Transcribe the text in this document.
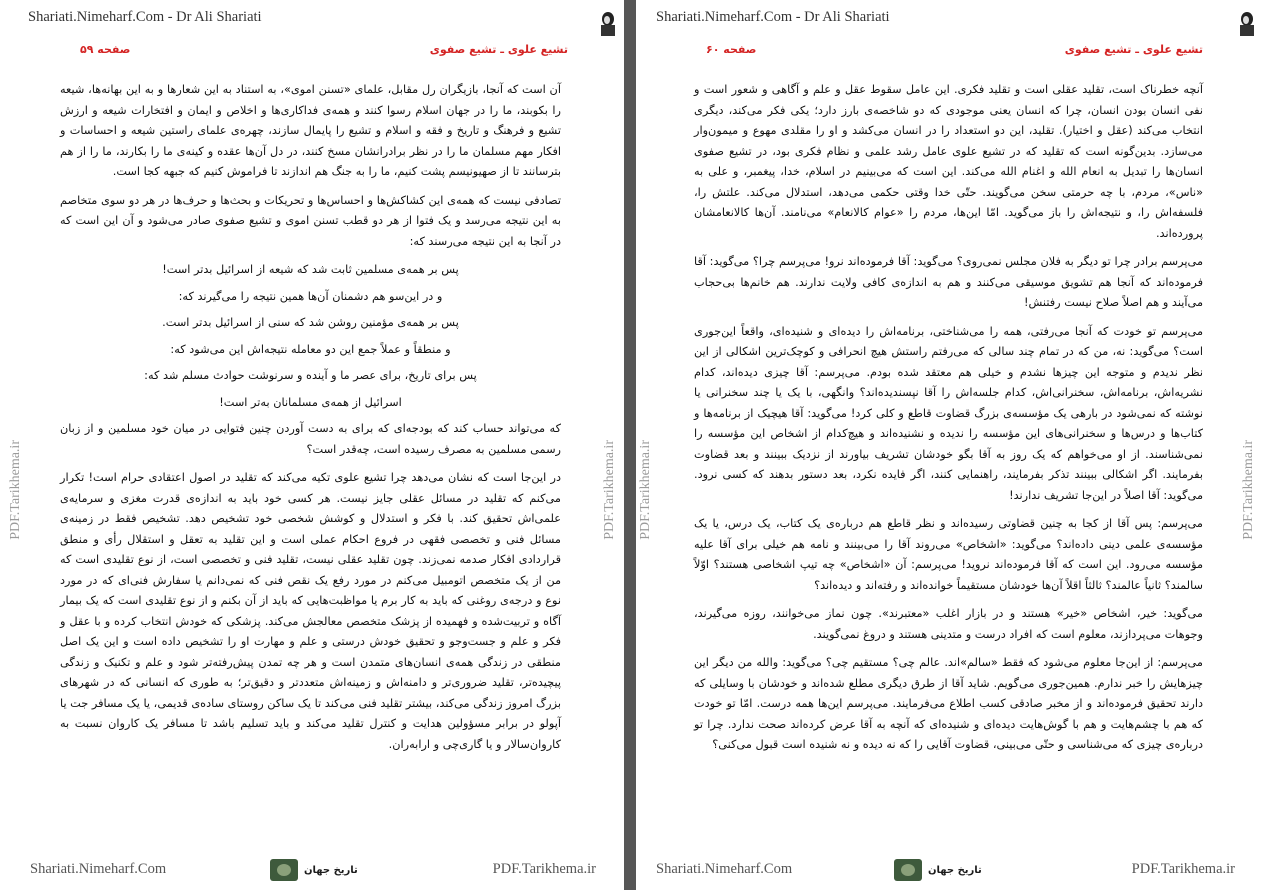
Shariati.Nimeharf.Com - Dr Ali Shariati
صفحه ۵۹	تشیع علوی ـ تشیع صفوی

آن است که آنجا، بازیگران رل مقابل، علمای «تسنن اموی»، به استناد به این شعارها و به این بهانه‌ها، شیعه را بکوبند، ما را در جهان اسلام رسوا کنند و همه‌ی فداکاری‌ها و اخلاص و ایمان و افتخارات شیعه و ارزش تشیع و فرهنگ و تاریخ و فقه و اسلام و تشیع را پایمال سازند، چهره‌ی علمای راستین شیعه و احساسات و افکار مهم مسلمان ما را در نظر برادرانشان مسخ کنند، در دل آن‌ها عقده و کینه‌ی ما را بکارند، ما را از هم بترسانند تا از صهیونیسم پشت کنیم، ما را به جنگ هم اندازند تا فراموش کنیم که جبهه کجا است.

تصادفی نیست که همه‌ی این کشاکش‌ها و احساس‌ها و تحریکات و بحث‌ها و حرف‌ها در هر دو سوی متخاصم به این نتیجه می‌رسد و یک فتوا از هر دو قطب تسنن اموی و تشیع صفوی صادر می‌شود و آن این است که در آنجا به این نتیجه می‌رسند که:

پس بر همه‌ی مسلمین ثابت شد که شیعه از اسرائیل بدتر است!

و در این‌سو هم دشمنان آن‌ها همین نتیجه را می‌گیرند که:

پس بر همه‌ی مؤمنین روشن شد که سنی از اسرائیل بدتر است.

و منطقاً و عملاً جمع این دو معامله نتیجه‌اش این می‌شود که:

پس برای تاریخ، برای عصر ما و آینده و سرنوشت حوادث مسلم شد که:

اسرائیل از همه‌ی مسلمانان به‌تر است!

که می‌تواند حساب کند که بودجه‌ای که برای به دست آوردن چنین فتوایی در میان خود مسلمین و از زبان رسمی مسلمین به مصرف رسیده است، چه‌قدر است؟

در این‌جا است که نشان می‌دهد چرا تشیع علوی تکیه می‌کند که تقلید در اصول اعتقادی حرام است! تکرار می‌کنم که تقلید در مسائل عقلی جایز نیست. هر کسی خود باید به اندازه‌ی قدرت مغزی و سرمایه‌ی علمی‌اش تحقیق کند. با فکر و استدلال و کوشش شخصی خود تشخیص دهد. تشخیص فقط در زمینه‌ی مسائل فنی و تخصصی فقهی در فروع احکام عملی است و این تقلید به تعقل و استقلال رأی و منطق قراردادی افکار صدمه نمی‌زند. چون تقلید عقلی نیست، تقلید فنی و تخصصی است، از نوع تقلیدی است که من از یک متخصص اتومبیل می‌کنم در مورد رفع یک نقص فنی که نمی‌دانم یا سفارش فنی‌ای که در مورد نوع و درجه‌ی روغنی که باید به کار برم یا مواظبت‌هایی که باید از آن بکنم و از نوع تقلیدی است که یک بیمار آگاه و تربیت‌شده و فهمیده از پزشک متخصص معالجش می‌کند. پزشکی که خودش انتخاب کرده و با عقل و فکر و علم و جست‌وجو و تحقیق خودش درستی و علم و مهارت او را تشخیص داده است و این یک اصل منطقی در زندگی همه‌ی انسان‌های متمدن است و هر چه تمدن پیش‌رفته‌تر شود و علم و تکنیک و زندگی پیچیده‌تر، تقلید ضروری‌تر و دامنه‌اش و زمینه‌اش متعددتر و دقیق‌تر؛ به طوری که انسانی که در شهرهای بزرگ امروز زندگی می‌کند، بیشتر تقلید فنی می‌کند تا یک ساکن روستای ساده‌ی قدیمی، یا یک مسافر جت یا آپولو در برابر مسؤولین هدایت و کنترل تقلید می‌کند و باید تسلیم باشد تا مسافر یک کاروان نسبت به کاروان‌سالار و یا گاری‌چی و ارابه‌ران.

PDF.Tarikhema.ir	PDF.Tarikhema.ir
Shariati.Nimeharf.Com	تاریخ جهان	PDF.Tarikhema.ir
Shariati.Nimeharf.Com - Dr Ali Shariati
صفحه ۶۰	تشیع علوی ـ تشیع صفوی

آنچه خطرناک است، تقلید عقلی است و تقلید فکری. این عامل سقوط عقل و علم و آگاهی و شعور است و نفی انسان بودن انسان، چرا که انسان یعنی موجودی که دو شاخصه‌ی بارز دارد؛ یکی فکر می‌کند، دیگری انتخاب می‌کند (عقل و اختیار). تقلید، این دو استعداد را در انسان می‌کشد و او را مقلدی مهوع و میمون‌وار می‌سازد. بدین‌گونه است که تقلید که در تشیع علوی عامل رشد علمی و نظام فکری بود، در تشیع صفوی انسان‌ها را تبدیل به انعام الله و اغنام الله می‌کند. این است که می‌بینیم در اسلام، خدا، پیغمبر، و علی به «ناس»، مردم، با چه حرمتی سخن می‌گویند. حتّی خدا وقتی حکمی می‌دهد، استدلال می‌کند. علتش را، فلسفه‌اش را، و نتیجه‌اش را باز می‌گوید. امّا این‌ها، مردم را «عوام کالانعام» می‌نامند. آن‌ها کالانعامشان پرورده‌اند.

می‌پرسم برادر چرا تو دیگر به فلان مجلس نمی‌روی؟ می‌گوید: آقا فرموده‌اند نرو! می‌پرسم چرا؟ می‌گوید: آقا فرموده‌اند که آنجا هم تشویق موسیقی می‌کنند و هم به اندازه‌ی کافی ولایت ندارند. هم خانم‌ها بی‌حجاب می‌آیند و هم اصلاً صلاح نیست رفتنش!

می‌پرسم تو خودت که آنجا می‌رفتی، همه را می‌شناختی، برنامه‌اش را دیده‌ای و شنیده‌ای، واقعاً این‌جوری است؟ می‌گوید: نه، من که در تمام چند سالی که می‌رفتم راستش هیچ انحرافی و کوچک‌ترین اشکالی از این نظر ندیدم و متوجه این چیزها نشدم و خیلی هم معتقد شده بودم. می‌پرسم: آقا چیزی دیده‌اند، کدام نشریه‌اش، برنامه‌اش، سخنرانی‌اش، کدام جلسه‌اش را آقا نپسندیده‌اند؟ وانگهی، با یک یا چند سخنرانی یا نوشته که نمی‌شود در بارهی یک مؤسسه‌ی بزرگ قضاوت قاطع و کلی کرد! می‌گوید: آقا هیچیک از برنامه‌ها و کتاب‌ها و درس‌ها و سخنرانی‌های این مؤسسه را ندیده و نشنیده‌اند و هیچ‌کدام از اشخاص این مؤسسه را نمی‌شناسند. از او می‌خواهم که یک روز به آقا بگو خودشان تشریف بیاورند از نزدیک ببینند و بعد قضاوت بفرمایند. اگر اشکالی ببینند تذکر بفرمایند، راهنمایی کنند، اگر فایده نکرد، بعد دستور بدهند که کسی نرود. می‌گوید: آقا اصلاً در این‌جا تشریف ندارند!

می‌پرسم: پس آقا از کجا به چنین قضاوتی رسیده‌اند و نظر قاطع هم درباره‌ی یک کتاب، یک درس، یا یک مؤسسه‌ی علمی دینی داده‌اند؟ می‌گوید: «اشخاص» می‌روند آقا را می‌بینند و نامه هم خیلی برای آقا علیه مؤسسه می‌رود. این است که آقا فرموده‌اند نروید! می‌پرسم: آن «اشخاص» چه تیپ اشخاصی هستند؟ اوّلاً سالمند؟ ثانیاً عالمند؟ ثالثاً اقلاً آن‌ها خودشان مستقیماً خوانده‌اند و رفته‌اند و دیده‌اند؟

می‌گوید: خیر، اشخاص «خیر» هستند و در بازار اغلب «معتبرند». چون نماز می‌خوانند، روزه می‌گیرند، وجوهات می‌پردازند، معلوم است که افراد درست و متدینی هستند و دروغ نمی‌گویند.

می‌پرسم: از این‌جا معلوم می‌شود که فقط «سالم»‌اند. عالم چی؟ مستقیم چی؟ می‌گوید: والله من دیگر این چیزهایش را خبر ندارم. همین‌جوری می‌گویم. شاید آقا از طرق دیگری مطلع شده‌اند و خودشان با وسایلی که دارند تحقیق فرموده‌اند و از مخبر صادقی کسب اطلاع می‌فرمایند. می‌پرسم این‌ها همه درست. امّا تو خودت که هم با چشم‌هایت و هم با گوش‌هایت دیده‌ای و شنیده‌ای که آنچه به آقا عرض کرده‌اند صحت ندارد. چرا تو درباره‌ی چیزی که می‌شناسی و حتّی می‌بینی، قضاوت آقایی را که نه دیده و نه شنیده است قبول می‌کنی؟

PDF.Tarikhema.ir	PDF.Tarikhema.ir
Shariati.Nimeharf.Com	تاریخ جهان	PDF.Tarikhema.ir
